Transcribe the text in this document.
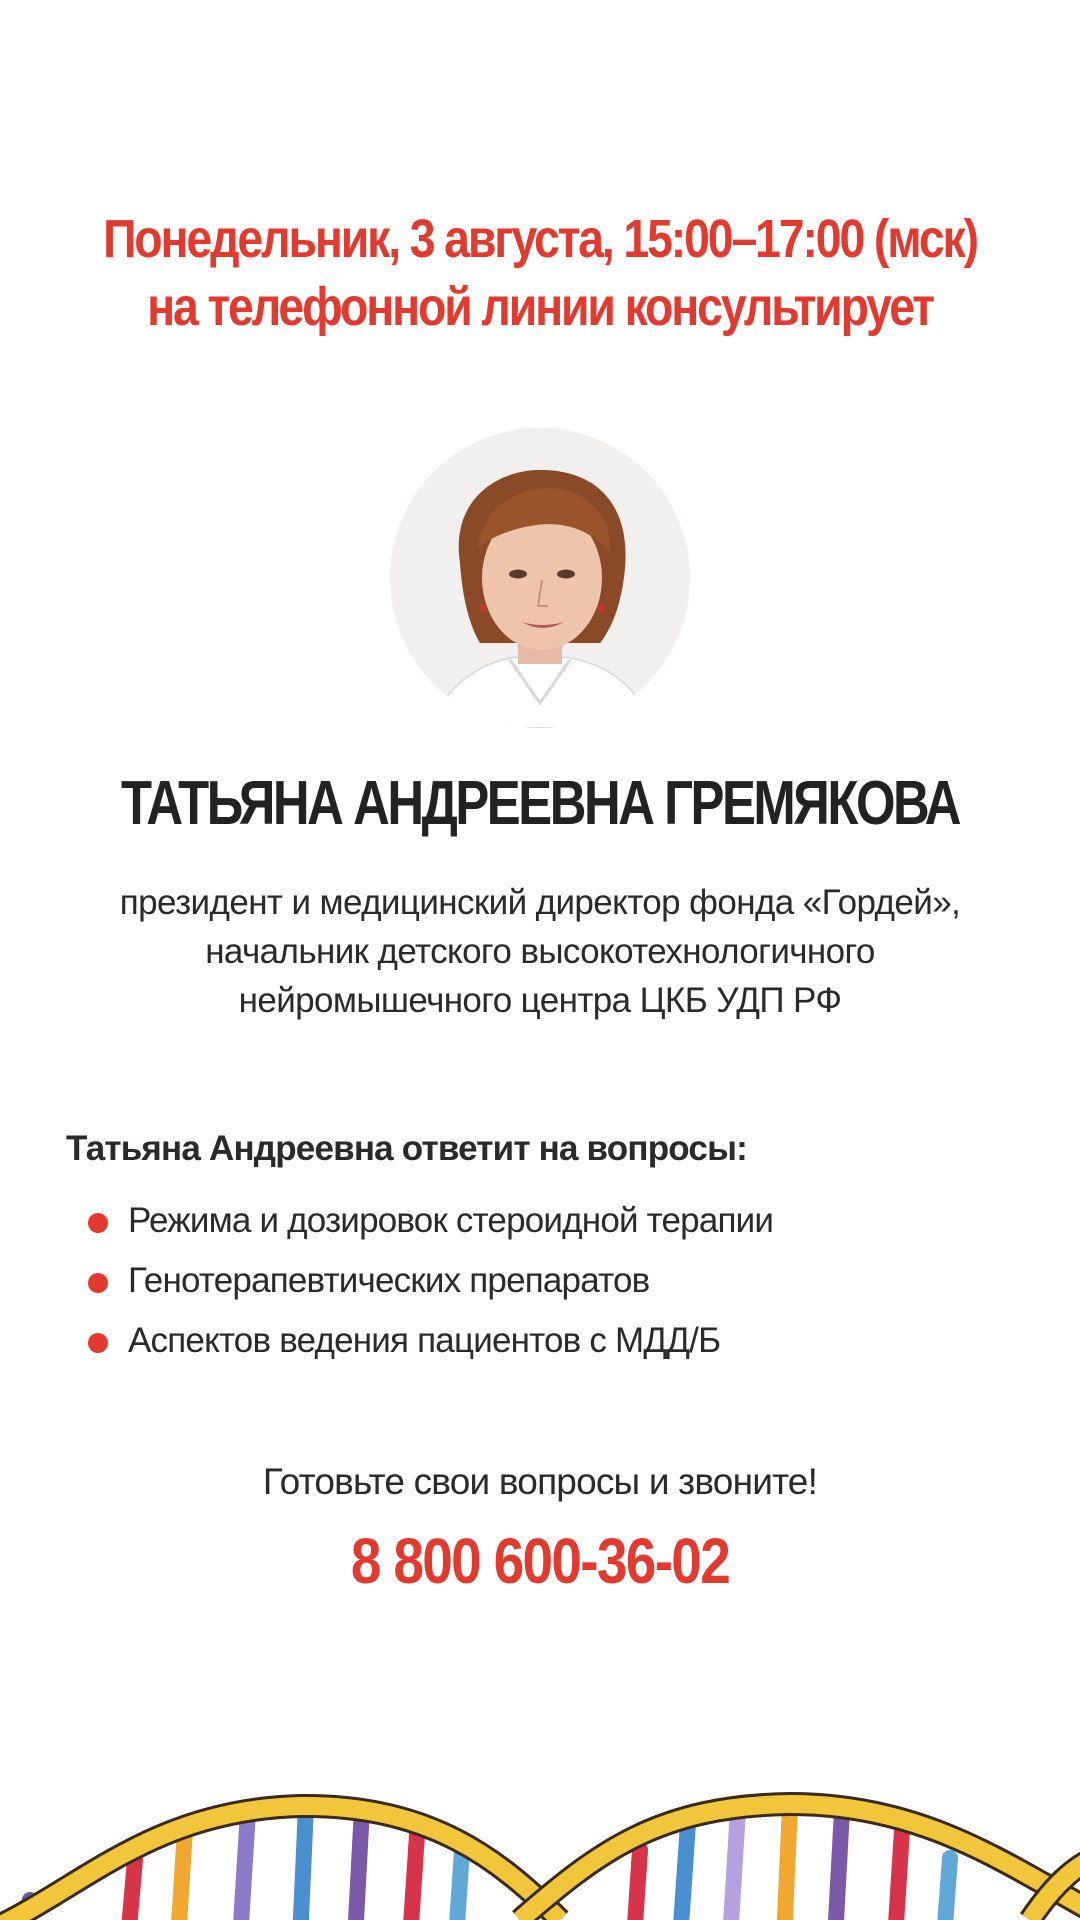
Понедельник, 3 августа, 15:00–17:00 (мск)
на телефонной линии консультирует
ТАТЬЯНА АНДРЕЕВНА ГРЕМЯКОВА
президент и медицинский директор фонда «Гордей»,
начальник детского высокотехнологичного
нейромышечного центра ЦКБ УДП РФ
Татьяна Андреевна ответит на вопросы:
Режима и дозировок стероидной терапии
Генотерапевтических препаратов
Аспектов ведения пациентов с МДД/Б
Готовьте свои вопросы и звоните!
8 800 600-36-02
